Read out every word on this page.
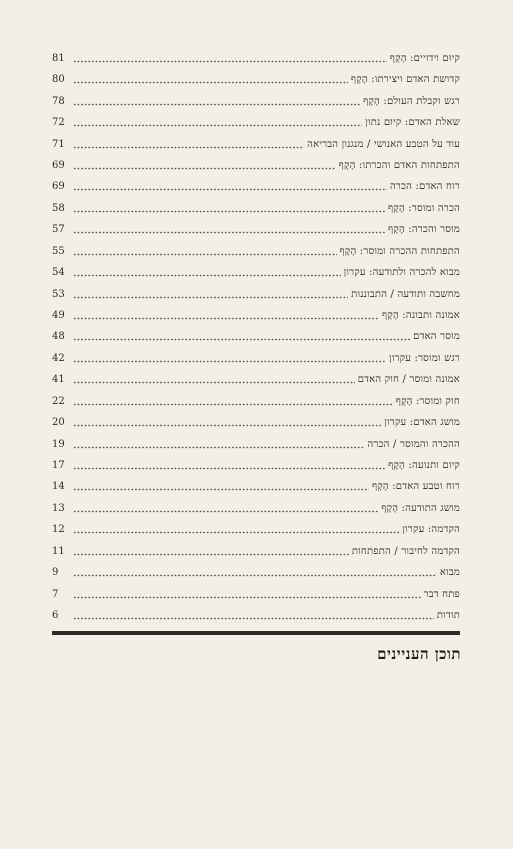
קיוּם וידויים: הָקָף
81
קדושת האדם ויצירתו: הָקָף
80
רגש וקבלת העולם: הָקָף
78
שאלת האדם: קיום נתון
72
עוד על הטבע האנושי / מנגנון הבריאה
71
התפתחות האדם והכרתו: הָקָף
69
רוח האדם: הכרה
69
הכרה ומוסר: הָקָף
58
מוסר והכרה: הָקָף
57
התפתחות ההכרה ומוסר: הָקָף
55
מבוא להכרה ולתודעה: עקרון
54
מחשבה ותודעה / התבוננות
53
אמונה ותבונה: הָקָף
49
מוסר האדם
48
רגש ומוסר: עקרון
42
אמונה ומוסר / חוק האדם
41
חוק ומוסר: הָקָף
22
מושג האדם: עקרון
20
ההכרה והמוסר / הכרה
19
קיום ותנועה: הָקָף
17
רוח וטבע האדם: הָקָף
14
מושג התודעה: הָקָף
13
הקדמה: עקרון
12
הקדמה לחיבור / התפתחות
11
מבוא
9
פתח דבר
7
תודות
6
תוכן העניינים
